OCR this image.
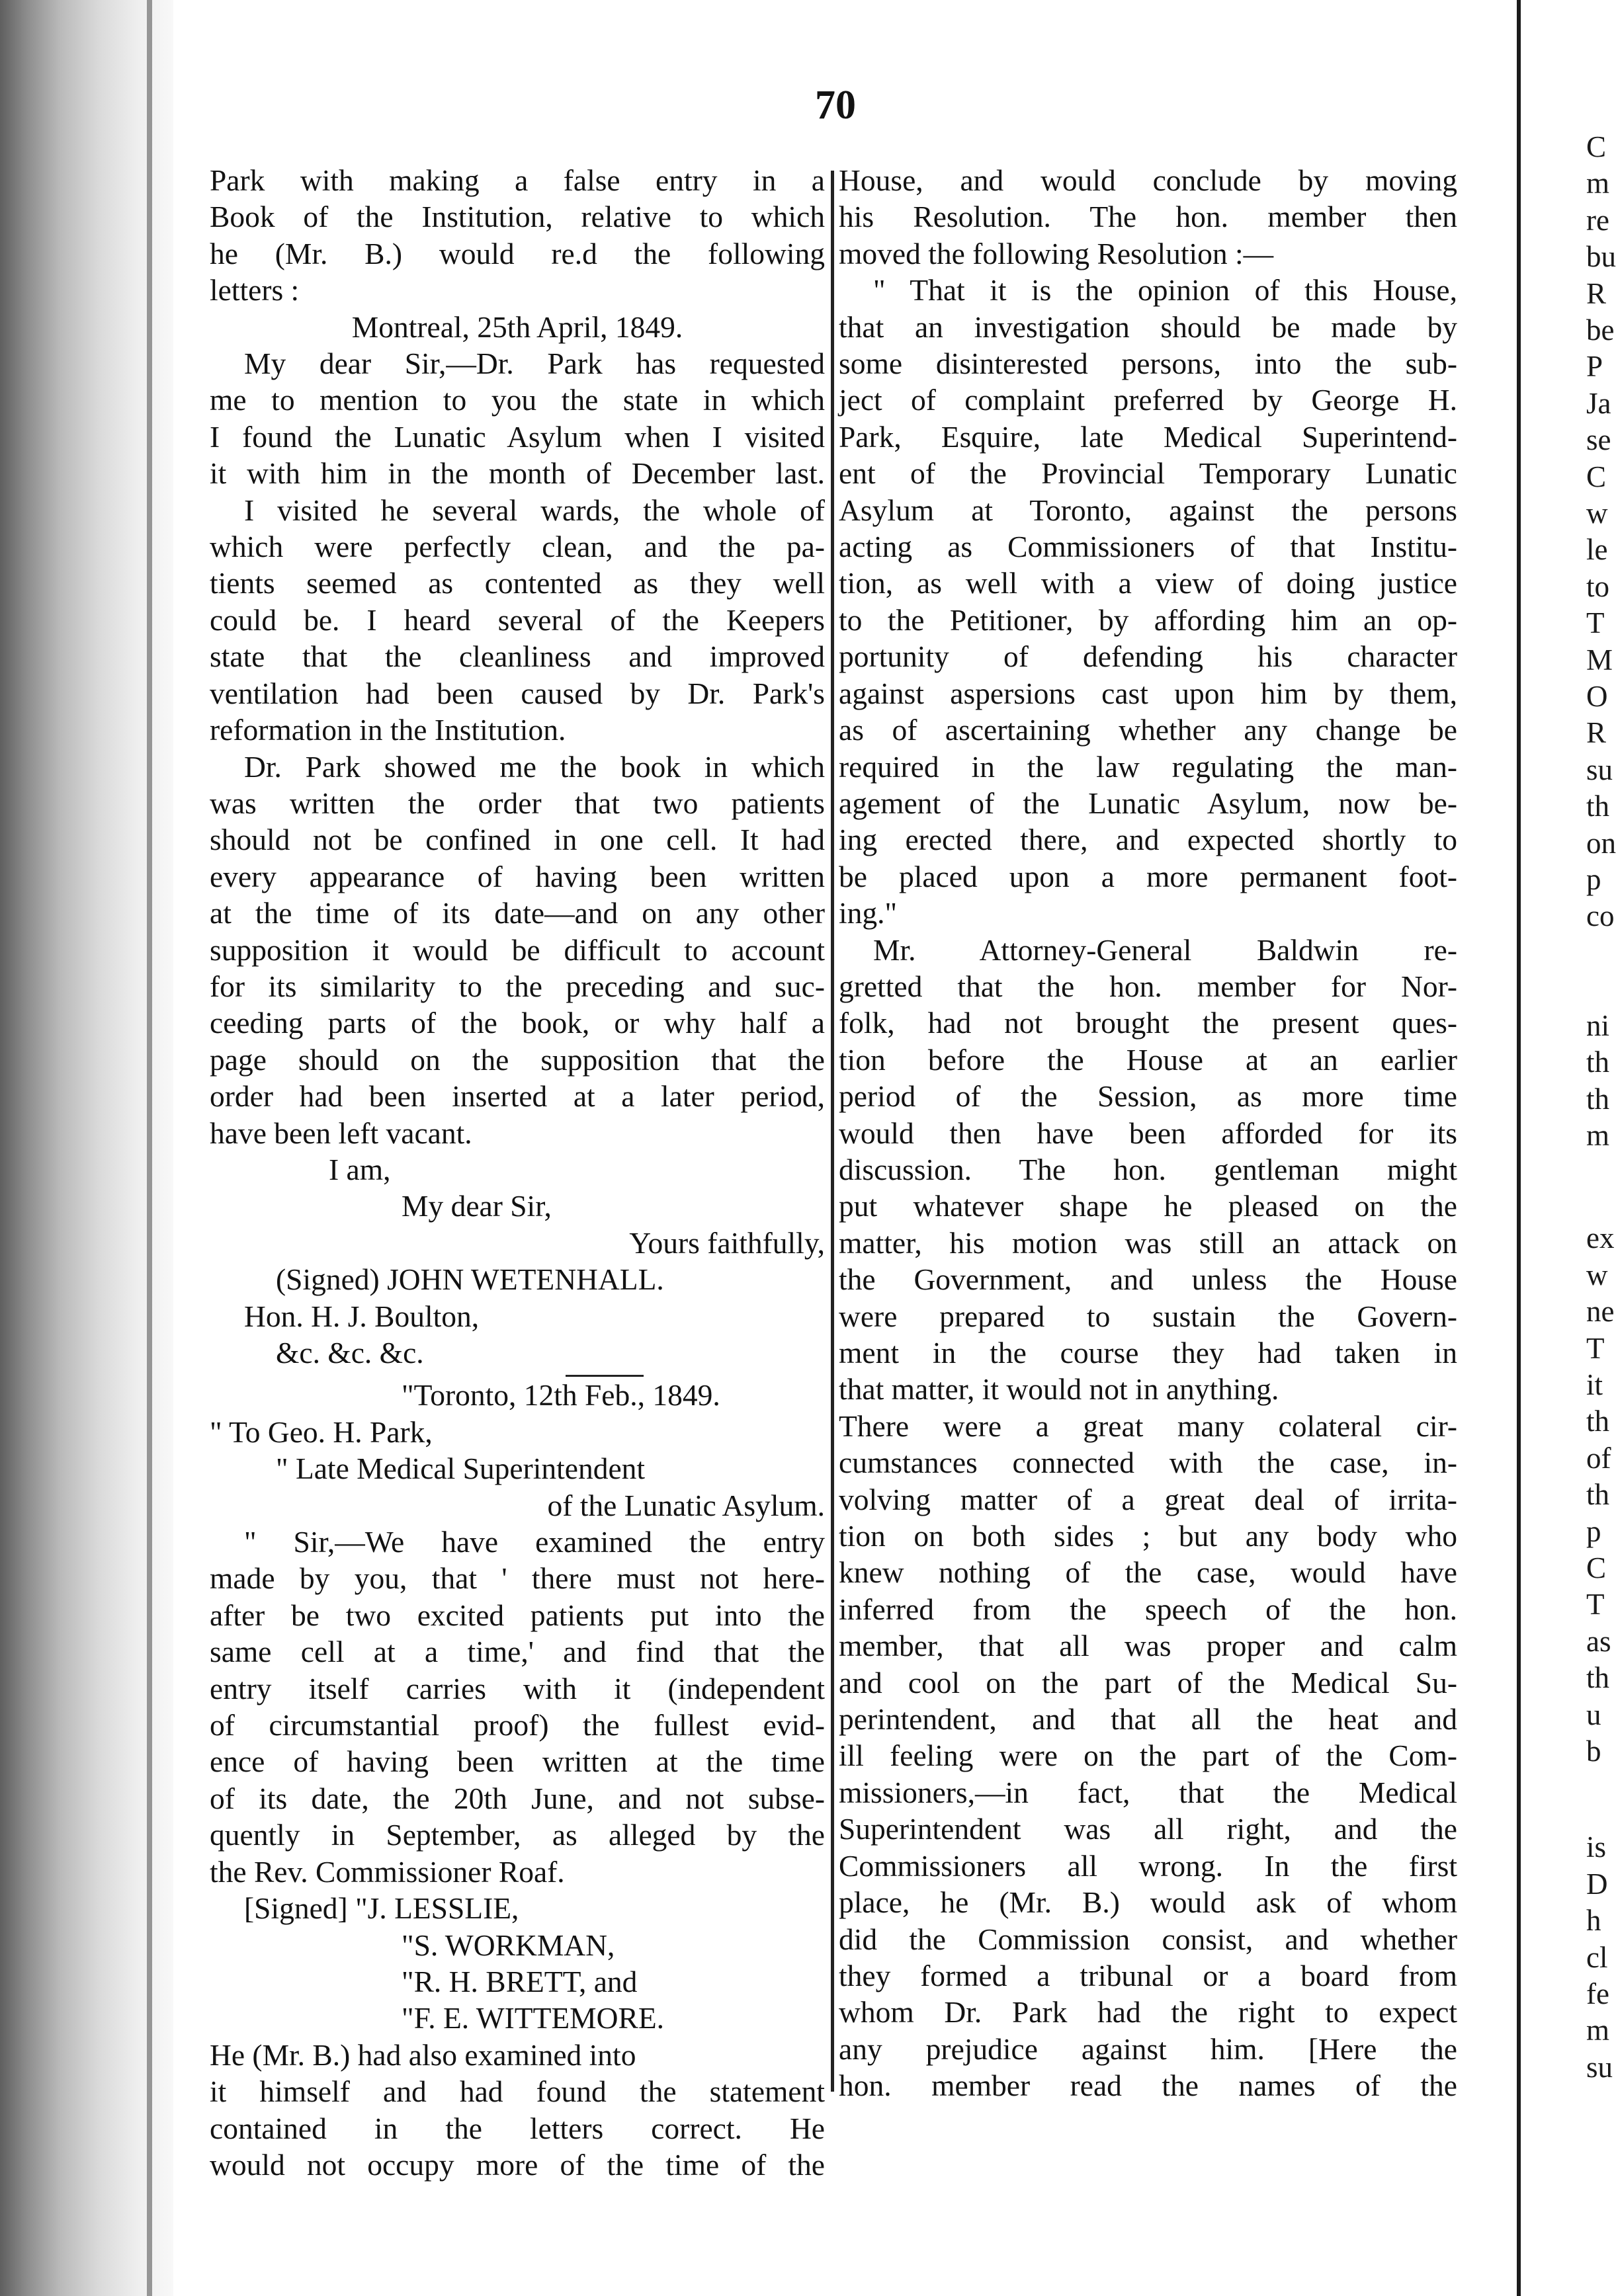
70
Park with making a false entry in a
Book of the Institution, relative to which
he (Mr. B.) would re.d the following
letters :
Montreal, 25th April, 1849.
My dear Sir,—Dr. Park has requested
me to mention to you the state in which
I found the Lunatic Asylum when I visited
it with him in the month of December last.
I visited he several wards, the whole of
which were perfectly clean, and the pa-
tients seemed as contented as they well
could be. I heard several of the Keepers
state that the cleanliness and improved
ventilation had been caused by Dr. Park's
reformation in the Institution.
Dr. Park showed me the book in which
was written the order that two patients
should not be confined in one cell. It had
every appearance of having been written
at the time of its date—and on any other
supposition it would be difficult to account
for its similarity to the preceding and suc-
ceeding parts of the book, or why half a
page should on the supposition that the
order had been inserted at a later period,
have been left vacant.
I am,
My dear Sir,
Yours faithfully,
(Signed) JOHN WETENHALL.
Hon. H. J. Boulton,
&c. &c. &c.
"Toronto, 12th Feb., 1849.
" To Geo. H. Park,
" Late Medical Superintendent
of the Lunatic Asylum.
" Sir,—We have examined the entry
made by you, that ' there must not here-
after be two excited patients put into the
same cell at a time,' and find that the
entry itself carries with it (independent
of circumstantial proof) the fullest evid-
ence of having been written at the time
of its date, the 20th June, and not subse-
quently in September, as alleged by the
the Rev. Commissioner Roaf.
[Signed] "J. LESSLIE,
"S. WORKMAN,
"R. H. BRETT, and
"F. E. WITTEMORE.
He (Mr. B.) had also examined into
it himself and had found the statement
contained in the letters correct. He
would not occupy more of the time of the
House, and would conclude by moving
his Resolution. The hon. member then
moved the following Resolution :—
" That it is the opinion of this House,
that an investigation should be made by
some disinterested persons, into the sub-
ject of complaint preferred by George H.
Park, Esquire, late Medical Superintend-
ent of the Provincial Temporary Lunatic
Asylum at Toronto, against the persons
acting as Commissioners of that Institu-
tion, as well with a view of doing justice
to the Petitioner, by affording him an op-
portunity of defending his character
against aspersions cast upon him by them,
as of ascertaining whether any change be
required in the law regulating the man-
agement of the Lunatic Asylum, now be-
ing erected there, and expected shortly to
be placed upon a more permanent foot-
ing."
Mr. Attorney-General Baldwin re-
gretted that the hon. member for Nor-
folk, had not brought the present ques-
tion before the House at an earlier
period of the Session, as more time
would then have been afforded for its
discussion. The hon. gentleman might
put whatever shape he pleased on the
matter, his motion was still an attack on
the Government, and unless the House
were prepared to sustain the Govern-
ment in the course they had taken in
that matter, it would not in anything.
There were a great many colateral cir-
cumstances connected with the case, in-
volving matter of a great deal of irrita-
tion on both sides ; but any body who
knew nothing of the case, would have
inferred from the speech of the hon.
member, that all was proper and calm
and cool on the part of the Medical Su-
perintendent, and that all the heat and
ill feeling were on the part of the Com-
missioners,—in fact, that the Medical
Superintendent was all right, and the
Commissioners all wrong. In the first
place, he (Mr. B.) would ask of whom
did the Commission consist, and whether
they formed a tribunal or a board from
whom Dr. Park had the right to expect
any prejudice against him. [Here the
hon. member read the names of the
C
m
re
bu
R
be
P
Ja
se
C
w
le
to
T
M
O
R
su
th
on
p
co
ni
th
th
m
ex
w
ne
T
it
th
of
th
p
C
T
as
th
u
b
is
D
h
cl
fe
m
su
